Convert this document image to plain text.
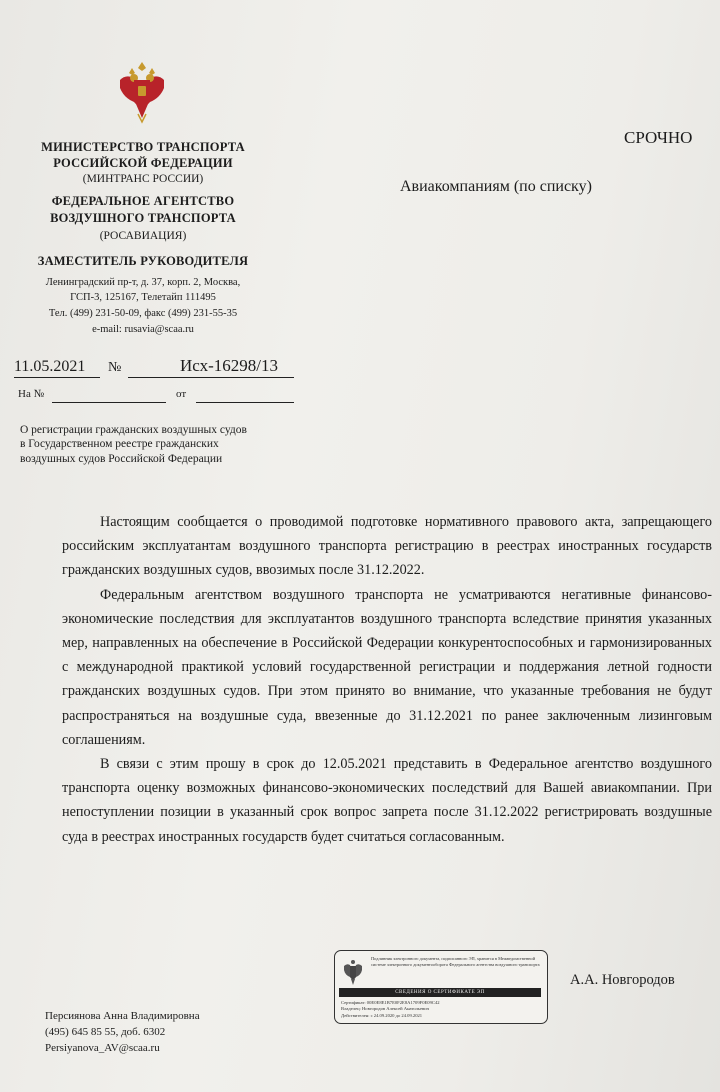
МИНИСТЕРСТВО ТРАНСПОРТА
РОССИЙСКОЙ ФЕДЕРАЦИИ
(МИНТРАНС РОССИИ)
ФЕДЕРАЛЬНОЕ АГЕНТСТВО
ВОЗДУШНОГО ТРАНСПОРТА
(РОСАВИАЦИЯ)
ЗАМЕСТИТЕЛЬ РУКОВОДИТЕЛЯ
Ленинградский пр-т, д. 37, корп. 2, Москва,
ГСП-3, 125167, Телетайп 111495
Тел. (499) 231-50-09, факс (499) 231-55-35
e-mail: rusavia@scaa.ru
СРОЧНО
Авиакомпаниям (по списку)
11.05.2021 №	Исх-16298/13
На №	от
О регистрации гражданских воздушных судов
в Государственном реестре гражданских
воздушных судов Российской Федерации

Настоящим сообщается о проводимой подготовке нормативного правового акта, запрещающего российским эксплуатантам воздушного транспорта регистрацию в реестрах иностранных государств гражданских воздушных судов, ввозимых после 31.12.2022.

Федеральным агентством воздушного транспорта не усматриваются негативные финансово-экономические последствия для эксплуатантов воздушного транспорта вследствие принятия указанных мер, направленных на обеспечение в Российской Федерации конкурентоспособных и гармонизированных с международной практикой условий государственной регистрации и поддержания летной годности гражданских воздушных судов. При этом принято во внимание, что указанные требования не будут распространяться на воздушные суда, ввезенные до 31.12.2021 по ранее заключенным лизинговым соглашениям.

В связи с этим прошу в срок до 12.05.2021 представить в Федеральное агентство воздушного транспорта оценку возможных финансово-экономических последствий для Вашей авиакомпании. При непоступлении позиции в указанный срок вопрос запрета после 31.12.2022 регистрировать воздушные суда в реестрах иностранных государств будет считаться согласованным.

Подлинник электронного документа, подписанного ЭП, хранится в Межведомственной системе электронного документооборота Федерального агентства воздушного транспорта
СВЕДЕНИЯ О СЕРТИФИКАТЕ ЭП
Сертификат: 00E0E8E1B7E0F2E8A1709F0E09C42
Владелец: Новгородов Алексей Анатольевич
Действителен: с 24.09.2020 до 24.09.2021
А.А. Новгородов
Персиянова Анна Владимировна
(495) 645 85 55, доб. 6302
Persiyanova_AV@scaa.ru
